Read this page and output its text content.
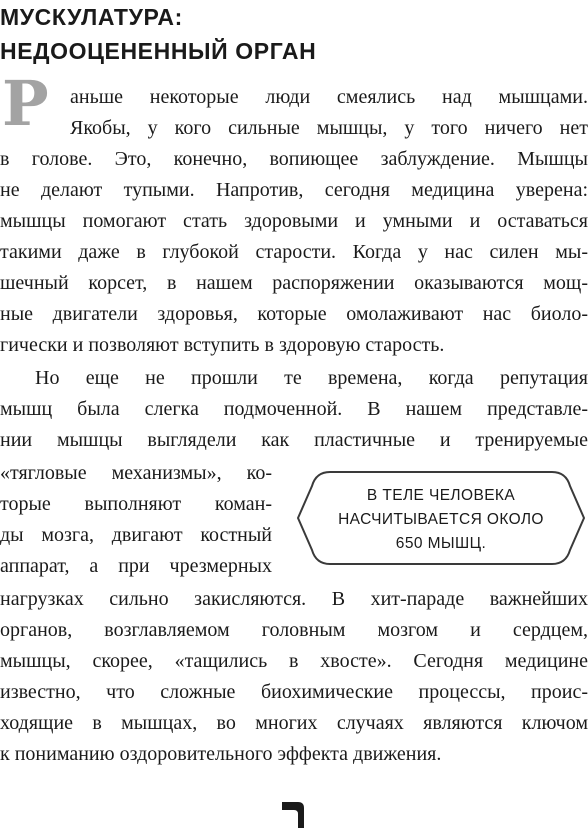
МУСКУЛАТУРА:
НЕДООЦЕНЕННЫЙ ОРГАН
Р аньше некоторые люди смеялись над мышцами.
Якобы, у кого сильные мышцы, у того ничего нет
в голове. Это, конечно, вопиющее заблуждение. Мышцы
не делают тупыми. Напротив, сегодня медицина уверена:
мышцы помогают стать здоровыми и умными и оставаться
такими даже в глубокой старости. Когда у нас силен мы-
шечный корсет, в нашем распоряжении оказываются мощ-
ные двигатели здоровья, которые омолаживают нас биоло-
гически и позволяют вступить в здоровую старость.
Но еще не прошли те времена, когда репутация
мышц была слегка подмоченной. В нашем представле-
нии мышцы выглядели как пластичные и тренируемые
«тягловые механизмы», ко-
торые выполняют коман-
ды мозга, двигают костный
аппарат, а при чрезмерных
нагрузках сильно закисляются. В хит-параде важнейших
органов, возглавляемом головным мозгом и сердцем,
мышцы, скорее, «тащились в хвосте». Сегодня медицине
известно, что сложные биохимические процессы, проис-
ходящие в мышцах, во многих случаях являются ключом
к пониманию оздоровительного эффекта движения.
В ТЕЛЕ ЧЕЛОВЕКА
НАСЧИТЫВАЕТСЯ ОКОЛО
650 МЫШЦ.
